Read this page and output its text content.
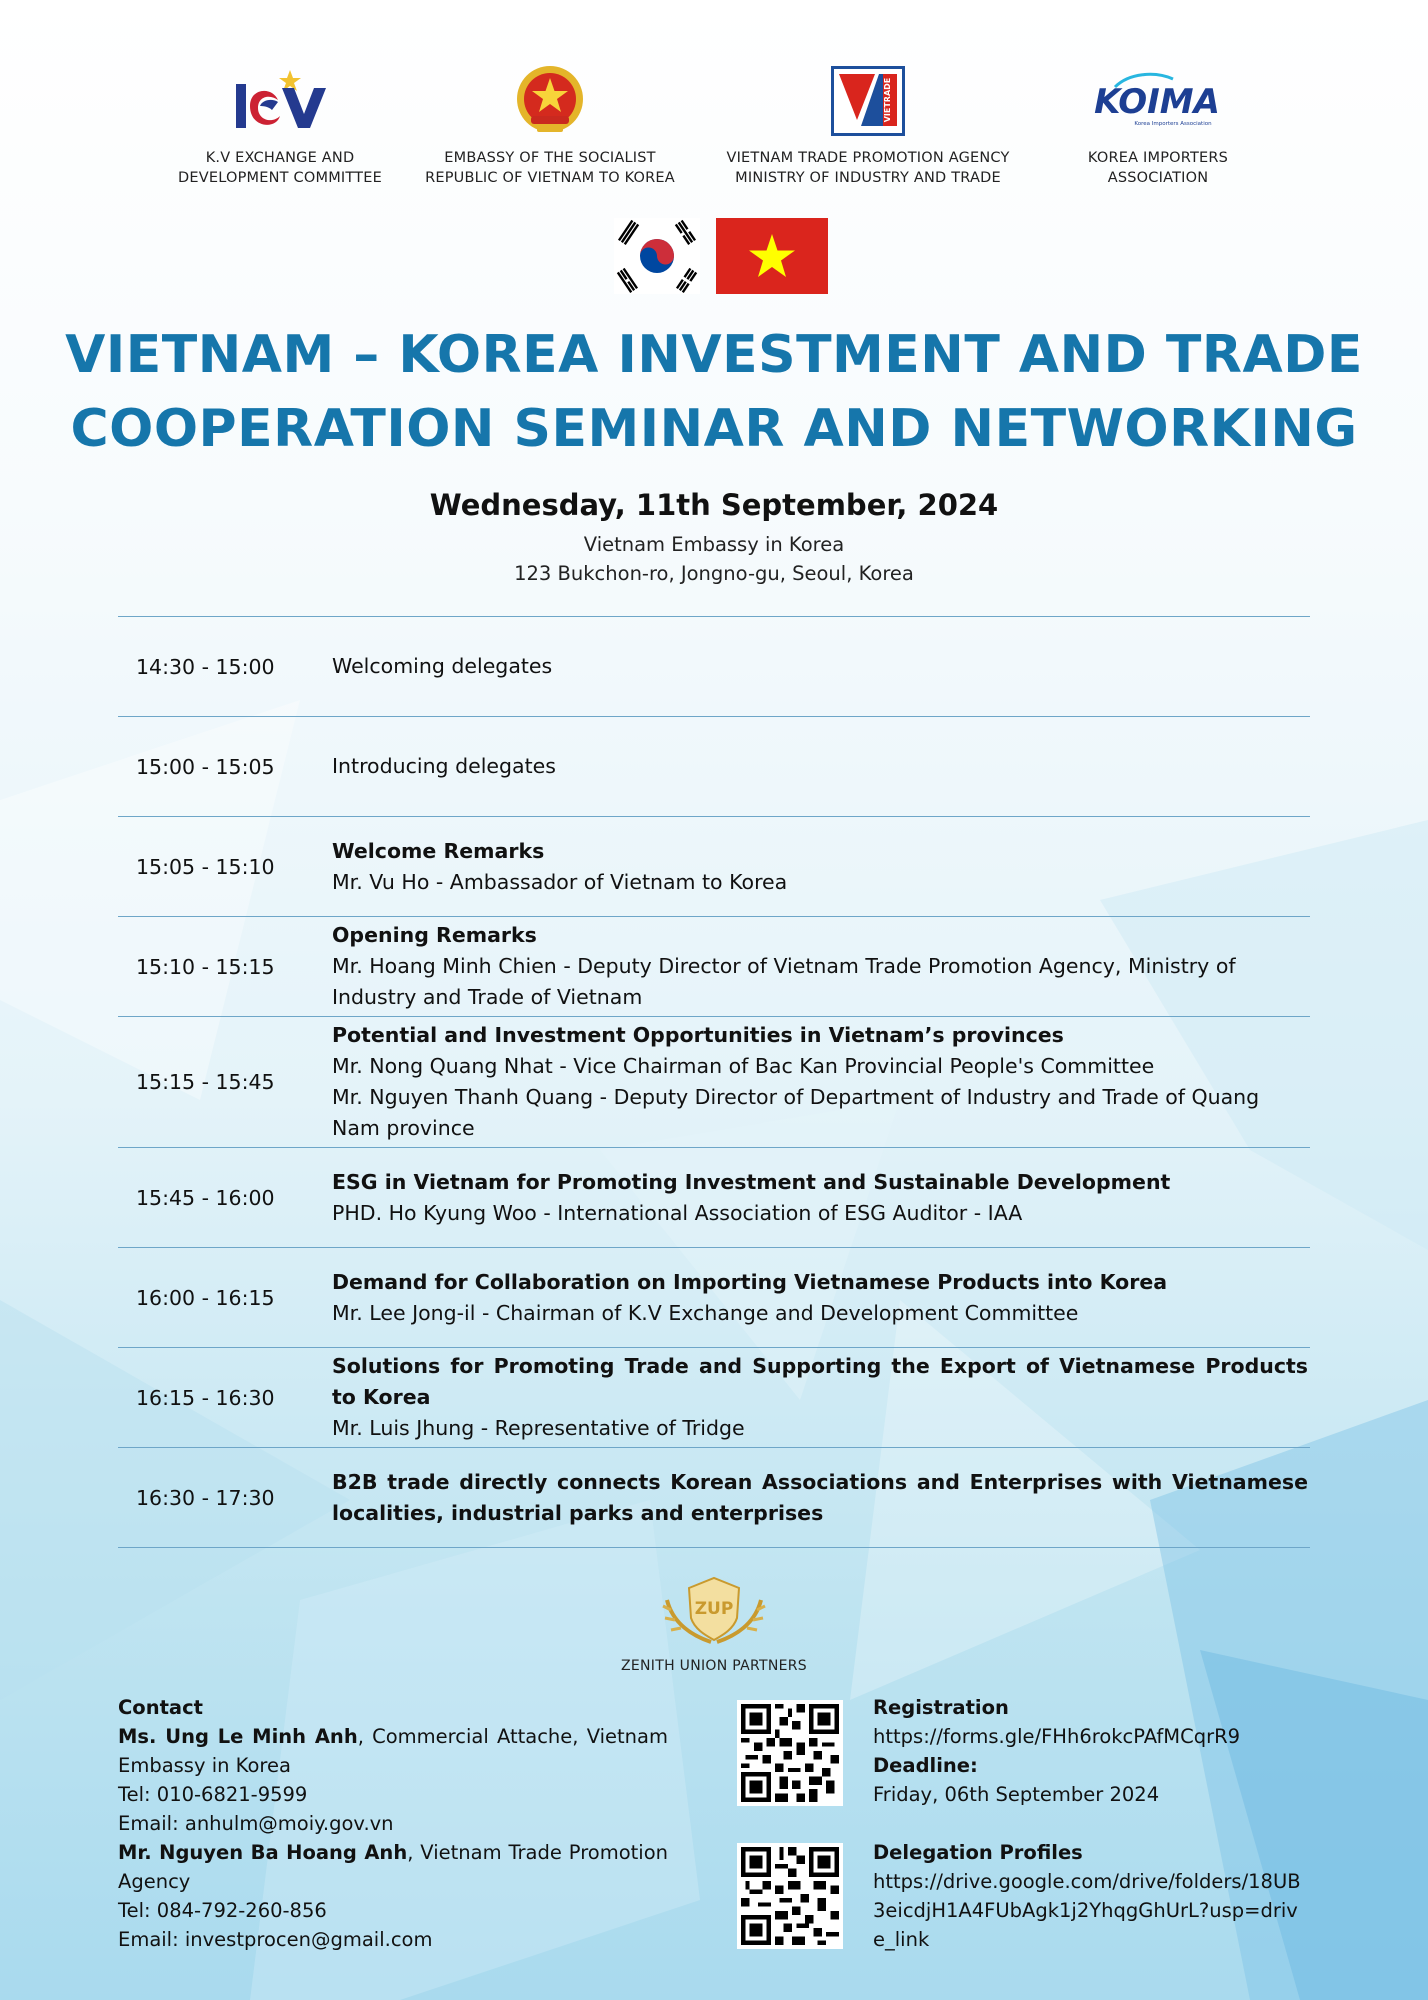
K.V EXCHANGE AND
DEVELOPMENT COMMITTEE
EMBASSY OF THE SOCIALIST
REPUBLIC OF VIETNAM TO KOREA
VIETRADE
VIETNAM TRADE PROMOTION AGENCY
MINISTRY OF INDUSTRY AND TRADE
KOIMA
Korea Importers Association
KOREA IMPORTERS
ASSOCIATION
VIETNAM – KOREA INVESTMENT AND TRADE
COOPERATION SEMINAR AND NETWORKING
Wednesday, 11th September, 2024
Vietnam Embassy in Korea
123 Bukchon-ro, Jongno-gu, Seoul, Korea
14:30 - 15:00	Welcoming delegates
15:00 - 15:05	Introducing delegates
15:05 - 15:10
Welcome Remarks
Mr. Vu Ho - Ambassador of Vietnam to Korea
15:10 - 15:15
Opening Remarks
Mr. Hoang Minh Chien - Deputy Director of Vietnam Trade Promotion Agency, Ministry of Industry and Trade of Vietnam
15:15 - 15:45
Potential and Investment Opportunities in Vietnam’s provinces
Mr. Nong Quang Nhat - Vice Chairman of Bac Kan Provincial People's Committee
Mr. Nguyen Thanh Quang - Deputy Director of Department of Industry and Trade of Quang Nam province
15:45 - 16:00
ESG in Vietnam for Promoting Investment and Sustainable Development
PHD. Ho Kyung Woo - International Association of ESG Auditor - IAA
16:00 - 16:15
Demand for Collaboration on Importing Vietnamese Products into Korea
Mr. Lee Jong-il - Chairman of K.V Exchange and Development Committee
16:15 - 16:30
Solutions for Promoting Trade and Supporting the Export of Vietnamese Products to Korea
Mr. Luis Jhung - Representative of Tridge
16:30 - 17:30
B2B trade directly connects Korean Associations and Enterprises with Vietnamese localities, industrial parks and enterprises
ZUP
ZENITH UNION PARTNERS
Contact
Ms. Ung Le Minh Anh, Commercial Attache, Vietnam Embassy in Korea
Tel: 010-6821-9599
Email: anhulm@moiy.gov.vn
Mr. Nguyen Ba Hoang Anh, Vietnam Trade Promotion Agency
Tel: 084-792-260-856
Email: investprocen@gmail.com
Registration
https://forms.gle/FHh6rokcPAfMCqrR9
Deadline:
Friday, 06th September 2024
Delegation Profiles
https://drive.google.com/drive/folders/18UB3eicdjH1A4FUbAgk1j2YhqgGhUrL?usp=drive_link
